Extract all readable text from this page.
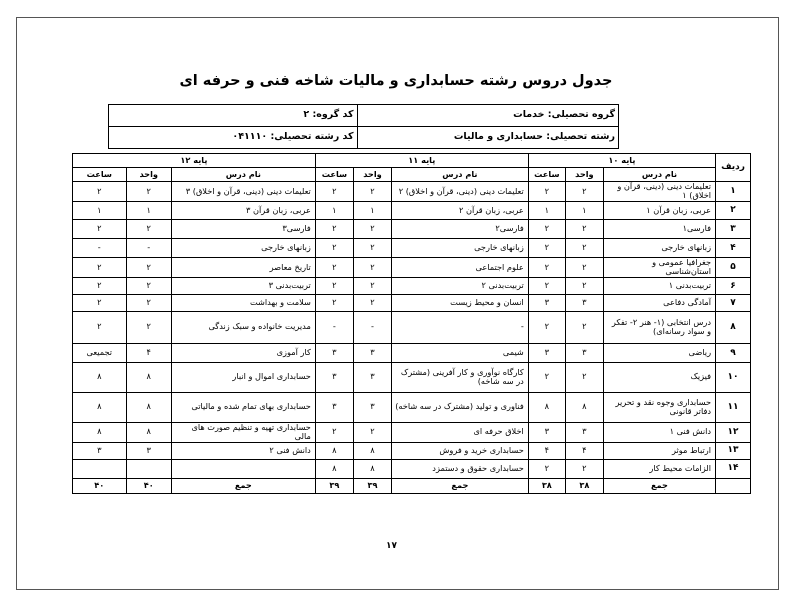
جدول دروس رشته حسابداری و مالیات شاخه فنی و حرفه ای
گروه تحصیلی: خدمات	کد گروه: ۲
رشته تحصیلی: حسابداری و مالیات	کد رشته تحصیلی: ۰۴۱۱۱۰
ردیف	پایه ۱۰			پایه ۱۱			پایه ۱۲		
	نام درس	واحد	ساعت	نام درس	واحد	ساعت	نام درس	واحد	ساعت
۱	تعلیمات دینی (دینی، قرآن و اخلاق) ۱	۲	۲	تعلیمات دینی (دینی، قرآن و اخلاق) ۲	۲	۲	تعلیمات دینی (دینی، قرآن و اخلاق) ۳	۲	۲
۲	عربی، زبان قرآن ۱	۱	۱	عربی، زبان قرآن ۲	۱	۱	عربی، زبان قرآن ۳	۱	۱
۳	فارسی۱	۲	۲	فارسی۲	۲	۲	فارسی۳	۲	۲
۴	زبانهای خارجی	۲	۲	زبانهای خارجی	۲	۲	زبانهای خارجی	-	-
۵	جغرافیا عمومی و استان‌شناسی	۲	۲	علوم اجتماعی	۲	۲	تاریخ معاصر	۲	۲
۶	تربیت‌بدنی ۱	۲	۲	تربیت‌بدنی ۲	۲	۲	تربیت‌بدنی ۳	۲	۲
۷	آمادگی دفاعی	۳	۳	انسان و محیط زیست	۲	۲	سلامت و بهداشت	۲	۲
۸	درس انتخابی (۱- هنر ۲- تفکر و سواد رسانه‌ای)	۲	۲	-	-	-	مدیریت خانواده و سبک زندگی	۲	۲
۹	ریاضی	۳	۳	شیمی	۳	۳	کار آموزی	۴	تجمیعی
۱۰	فیزیک	۲	۲	کارگاه نوآوری و کار آفرینی (مشترک در سه شاخه)	۳	۳	حسابداری اموال و انبار	۸	۸
۱۱	حسابداری وجوه نقد و تحریر دفاتر قانونی	۸	۸	فناوری و تولید (مشترک در سه شاخه)	۳	۳	حسابداری بهای تمام شده و مالیاتی	۸	۸
۱۲	دانش فنی ۱	۳	۳	اخلاق حرفه ای	۲	۲	حسابداری تهیه و تنظیم صورت های مالی	۸	۸
۱۳	ارتباط موثر	۴	۴	حسابداری خرید و فروش	۸	۸	دانش فنی ۲	۳	۳
۱۴	الزامات محیط کار	۲	۲	حسابداری حقوق و دستمزد	۸	۸			
	جمع	۳۸	۳۸	جمع	۳۹	۳۹	جمع	۴۰	۴۰
۱۷
